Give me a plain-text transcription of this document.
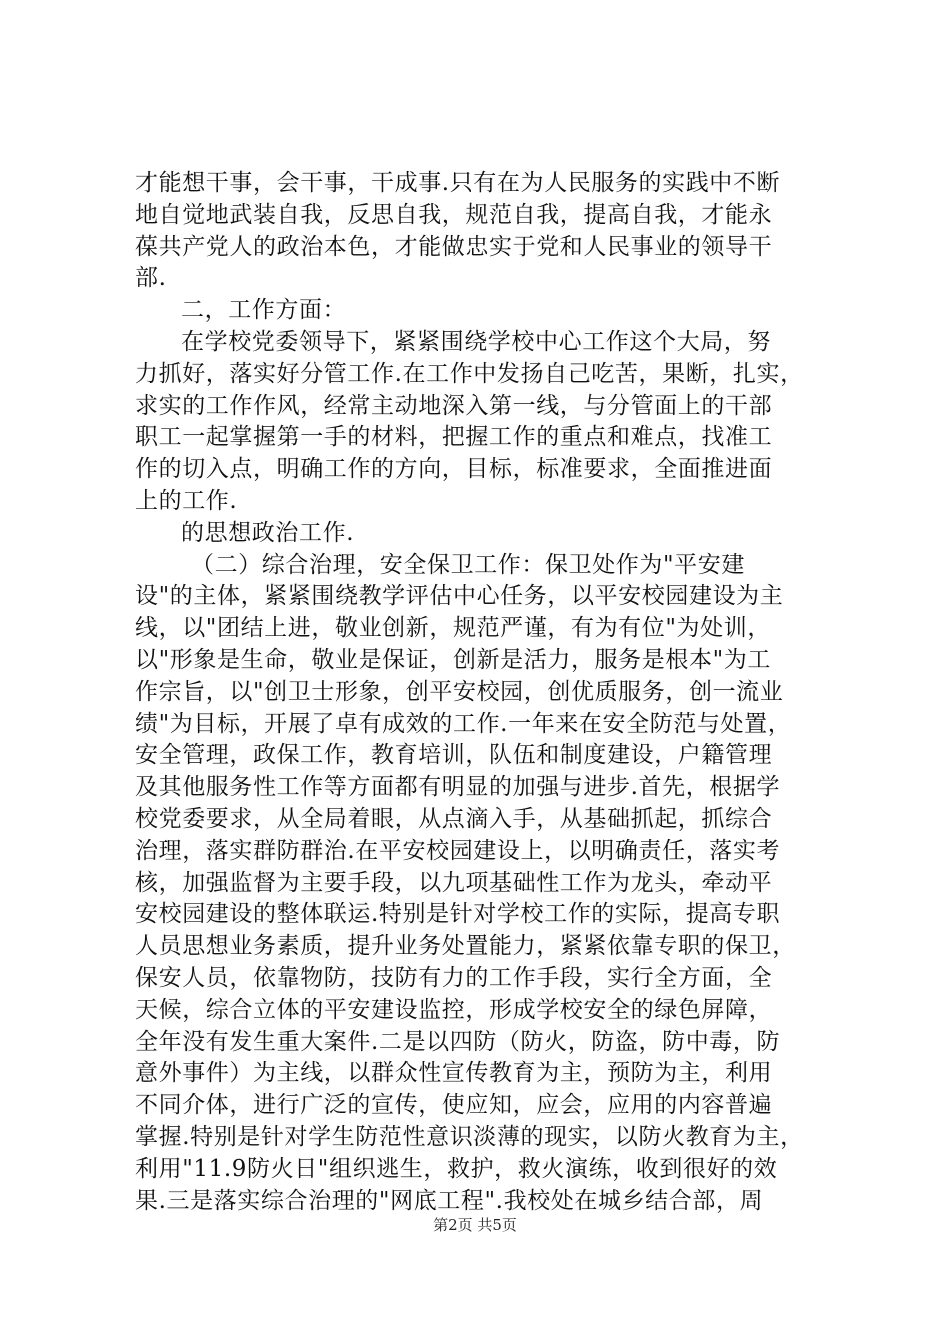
才能想干事，会干事，干成事.只有在为人民服务的实践中不断
地自觉地武装自我，反思自我，规范自我，提高自我，才能永
葆共产党人的政治本色，才能做忠实于党和人民事业的领导干
部.
二，工作方面：
在学校党委领导下，紧紧围绕学校中心工作这个大局，努
力抓好，落实好分管工作.在工作中发扬自己吃苦，果断，扎实，
求实的工作作风，经常主动地深入第一线，与分管面上的干部
职工一起掌握第一手的材料，把握工作的重点和难点，找准工
作的切入点，明确工作的方向，目标，标准要求，全面推进面
上的工作.
的思想政治工作.
（二）综合治理，安全保卫工作：保卫处作为"平安建
设"的主体，紧紧围绕教学评估中心任务，以平安校园建设为主
线，以"团结上进，敬业创新，规范严谨，有为有位"为处训，
以"形象是生命，敬业是保证，创新是活力，服务是根本"为工
作宗旨，以"创卫士形象，创平安校园，创优质服务，创一流业
绩"为目标，开展了卓有成效的工作.一年来在安全防范与处置，
安全管理，政保工作，教育培训，队伍和制度建设，户籍管理
及其他服务性工作等方面都有明显的加强与进步.首先，根据学
校党委要求，从全局着眼，从点滴入手，从基础抓起，抓综合
治理，落实群防群治.在平安校园建设上，以明确责任，落实考
核，加强监督为主要手段，以九项基础性工作为龙头，牵动平
安校园建设的整体联运.特别是针对学校工作的实际，提高专职
人员思想业务素质，提升业务处置能力，紧紧依靠专职的保卫，
保安人员，依靠物防，技防有力的工作手段，实行全方面，全
天候，综合立体的平安建设监控，形成学校安全的绿色屏障，
全年没有发生重大案件.二是以四防（防火，防盗，防中毒，防
意外事件）为主线，以群众性宣传教育为主，预防为主，利用
不同介体，进行广泛的宣传，使应知，应会，应用的内容普遍
掌握.特别是针对学生防范性意识淡薄的现实，以防火教育为主，
利用"11.9防火日"组织逃生，救护，救火演练，收到很好的效
果.三是落实综合治理的"网底工程".我校处在城乡结合部，周
第2页 共5页
